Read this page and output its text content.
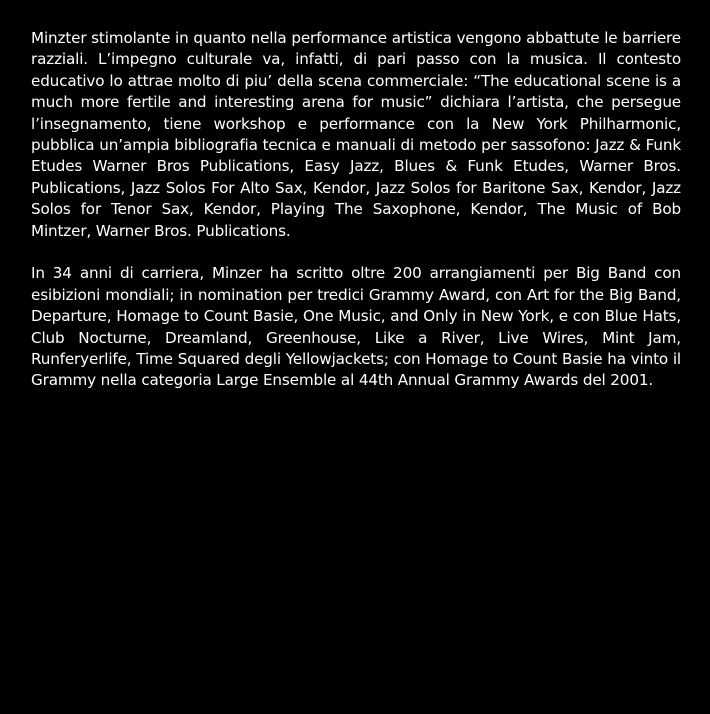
Minzter stimolante in quanto nella performance artistica vengono abbattute le barriere razziali. L’impegno culturale va, infatti, di pari passo con la musica. Il contesto educativo lo attrae molto di piu’ della scena commerciale: “The educational scene is a much more fertile and interesting arena for music” dichiara l’artista, che persegue l’insegnamento, tiene workshop e performance con la New York Philharmonic, pubblica un’ampia bibliografia tecnica e manuali di metodo per sassofono: Jazz & Funk Etudes Warner Bros Publications, Easy Jazz, Blues & Funk Etudes, Warner Bros. Publications, Jazz Solos For Alto Sax, Kendor, Jazz Solos for Baritone Sax, Kendor, Jazz Solos for Tenor Sax, Kendor, Playing The Saxophone, Kendor, The Music of Bob Mintzer, Warner Bros. Publications.

In 34 anni di carriera, Minzer ha scritto oltre 200 arrangiamenti per Big Band con esibizioni mondiali; in nomination per tredici Grammy Award, con Art for the Big Band, Departure, Homage to Count Basie, One Music, and Only in New York, e con Blue Hats, Club Nocturne, Dreamland, Greenhouse, Like a River, Live Wires, Mint Jam, Runferyerlife, Time Squared degli Yellowjackets; con Homage to Count Basie ha vinto il Grammy nella categoria Large Ensemble al 44th Annual Grammy Awards del 2001.
